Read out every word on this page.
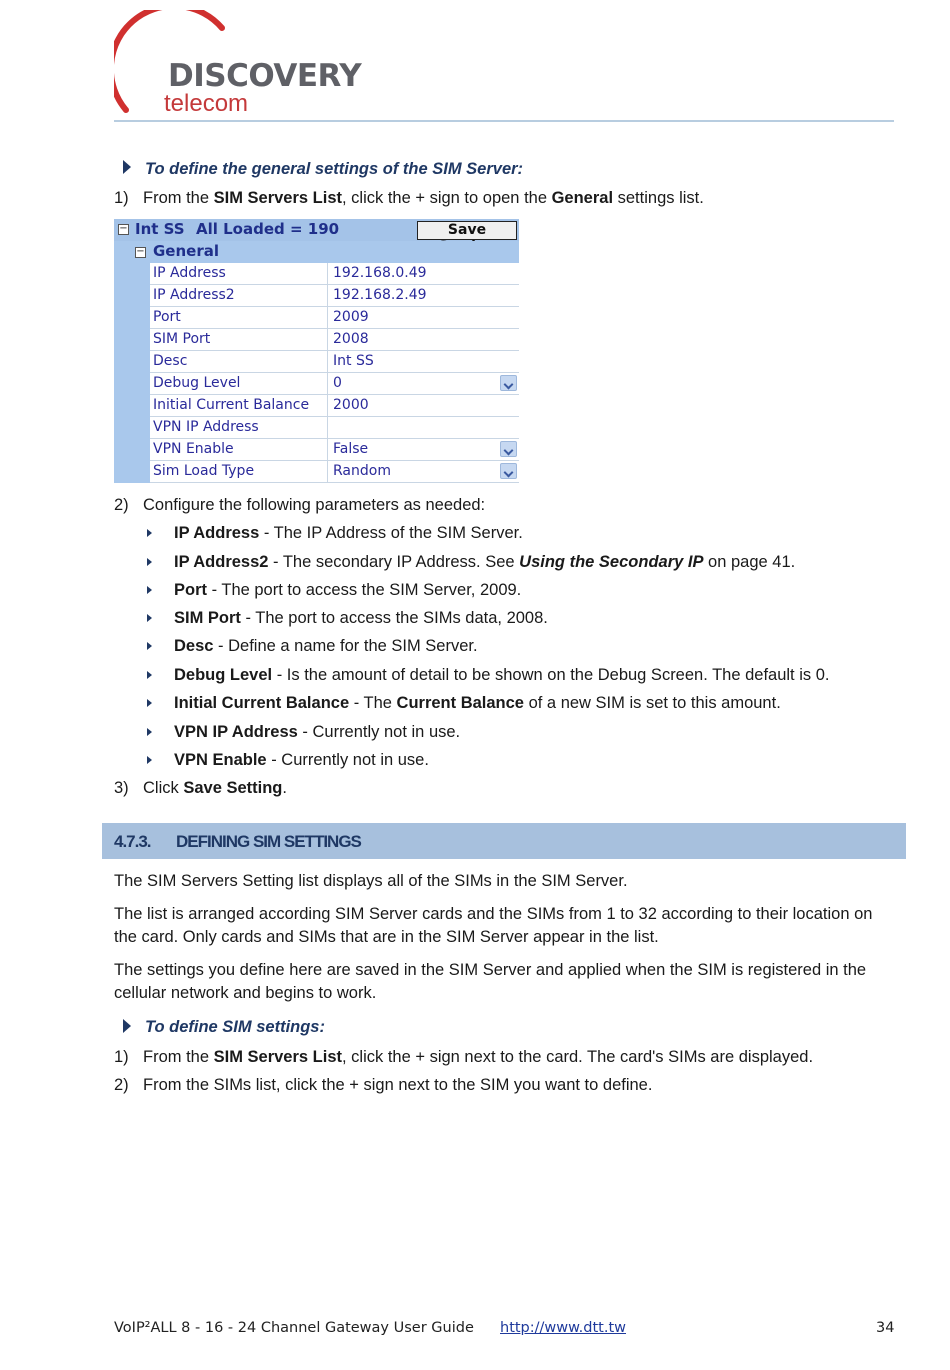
DISCOVERY
telecom
To define the general settings of the SIM Server:
1) From the SIM Servers List, click the + sign to open the General settings list.
− Int SS All Loaded = 190	Save
− General
IP Address	192.168.0.49
IP Address2	192.168.2.49
Port	2009
SIM Port	2008
Desc	Int SS
Debug Level	0
Initial Current Balance	2000
VPN IP Address
VPN Enable	False
Sim Load Type	Random
2) Configure the following parameters as needed:
IP Address - The IP Address of the SIM Server.
IP Address2 - The secondary IP Address. See Using the Secondary IP on page 41.
Port - The port to access the SIM Server, 2009.
SIM Port - The port to access the SIMs data, 2008.
Desc - Define a name for the SIM Server.
Debug Level - Is the amount of detail to be shown on the Debug Screen. The default is 0.
Initial Current Balance - The Current Balance of a new SIM is set to this amount.
VPN IP Address - Currently not in use.
VPN Enable - Currently not in use.
3) Click Save Setting.
4.7.3. DEFINING SIM SETTINGS
The SIM Servers Setting list displays all of the SIMs in the SIM Server.
The list is arranged according SIM Server cards and the SIMs from 1 to 32 according to their location on the card. Only cards and SIMs that are in the SIM Server appear in the list.
The settings you define here are saved in the SIM Server and applied when the SIM is registered in the cellular network and begins to work.
To define SIM settings:
1) From the SIM Servers List, click the + sign next to the card. The card's SIMs are displayed.
2) From the SIMs list, click the + sign next to the SIM you want to define.
VoIP²ALL 8 - 16 - 24 Channel Gateway User Guide http://www.dtt.tw	34
